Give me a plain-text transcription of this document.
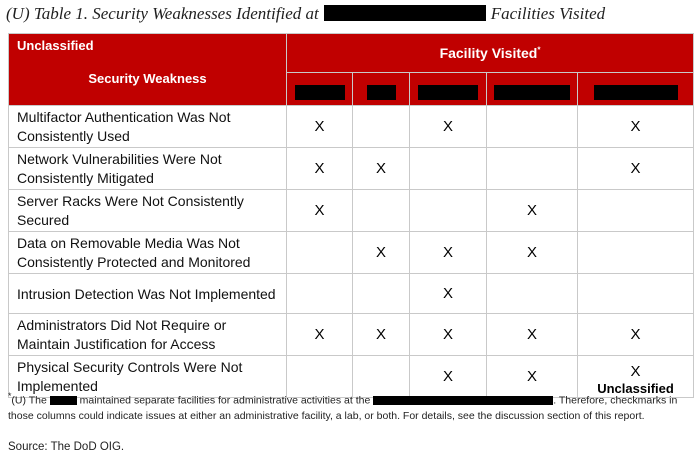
(U) Table 1. Security Weaknesses Identified at	Facilities Visited
Unclassified
Security Weakness	Facility Visited*

Multifactor Authentication Was Not Consistently Used	X		X		X
Network Vulnerabilities Were Not Consistently Mitigated	X	X			X
Server Racks Were Not Consistently Secured	X			X	
Data on Removable Media Was Not Consistently Protected and Monitored		X	X	X	
Intrusion Detection Was Not Implemented			X		
Administrators Did Not Require or Maintain Justification for Access	X	X	X	X	X
Physical Security Controls Were Not Implemented			X	X	X
Unclassified
*(U) The	maintained separate facilities for administrative activities at the	. Therefore, checkmarks in those columns could indicate issues at either an administrative facility, a lab, or both. For details, see the discussion section of this report.
Source: The DoD OIG.
